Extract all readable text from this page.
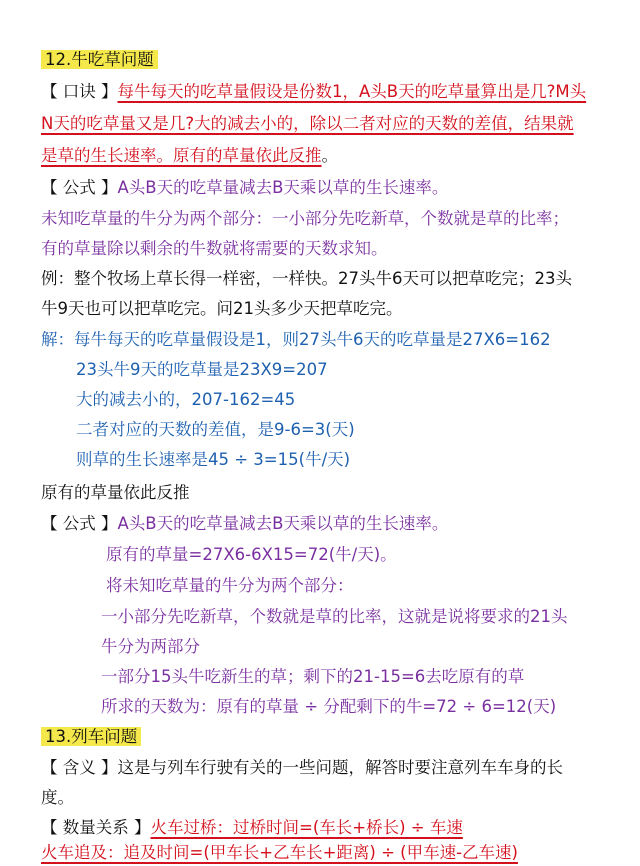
12.牛吃草问题
【 口诀 】每牛每天的吃草量假设是份数1，A头B天的吃草量算出是几?M头
N天的吃草量又是几?大的减去小的，除以二者对应的天数的差值，结果就
是草的生长速率。原有的草量依此反推。
【 公式 】A头B天的吃草量减去B天乘以草的生长速率。
未知吃草量的牛分为两个部分：一小部分先吃新草，个数就是草的比率；
有的草量除以剩余的牛数就将需要的天数求知。
例：整个牧场上草长得一样密，一样快。27头牛6天可以把草吃完；23头
牛9天也可以把草吃完。问21头多少天把草吃完。
解：每牛每天的吃草量假设是1，则27头牛6天的吃草量是27X6=162
23头牛9天的吃草量是23X9=207
大的减去小的，207-162=45
二者对应的天数的差值，是9-6=3(天)
则草的生长速率是45 ÷ 3=15(牛/天)
原有的草量依此反推
【 公式 】A头B天的吃草量减去B天乘以草的生长速率。
原有的草量=27X6-6X15=72(牛/天)。
将未知吃草量的牛分为两个部分：
一小部分先吃新草，个数就是草的比率，这就是说将要求的21头
牛分为两部分
一部分15头牛吃新生的草；剩下的21-15=6去吃原有的草
所求的天数为：原有的草量 ÷ 分配剩下的牛=72 ÷ 6=12(天)
13.列车问题
【 含义 】这是与列车行驶有关的一些问题，解答时要注意列车车身的长
度。
【 数量关系 】火车过桥：过桥时间=(车长+桥长) ÷ 车速
火车追及：追及时间=(甲车长+乙车长+距离) ÷ (甲车速-乙车速)
